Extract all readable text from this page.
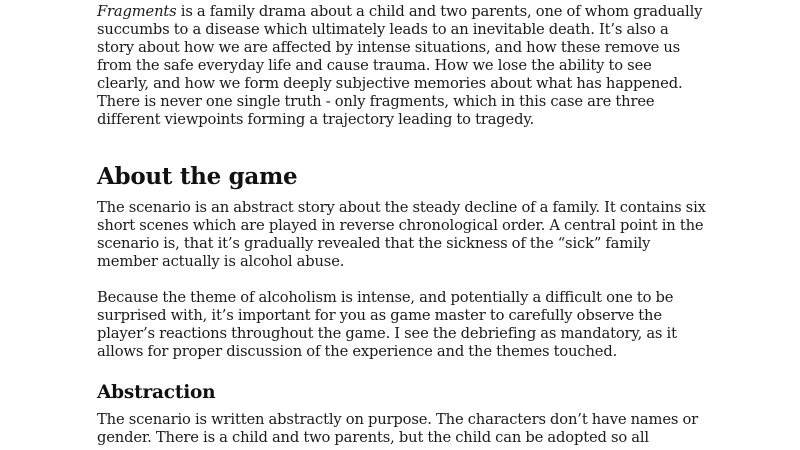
Fragments is a family drama about a child and two parents, one of whom gradually succumbs to a disease which ultimately leads to an inevitable death. It’s also a story about how we are affected by intense situations, and how these remove us from the safe everyday life and cause trauma. How we lose the ability to see clearly, and how we form deeply subjective memories about what has happened. There is never one single truth - only fragments, which in this case are three different viewpoints forming a trajectory leading to tragedy.

About the game

The scenario is an abstract story about the steady decline of a family. It contains six short scenes which are played in reverse chronological order. A central point in the scenario is, that it’s gradually revealed that the sickness of the “sick” family member actually is alcohol abuse.

Because the theme of alcoholism is intense, and potentially a difficult one to be surprised with, it’s important for you as game master to carefully observe the player’s reactions throughout the game. I see the debriefing as mandatory, as it allows for proper discussion of the experience and the themes touched.

Abstraction

The scenario is written abstractly on purpose. The characters don’t have names or gender. There is a child and two parents, but the child can be adopted so all
